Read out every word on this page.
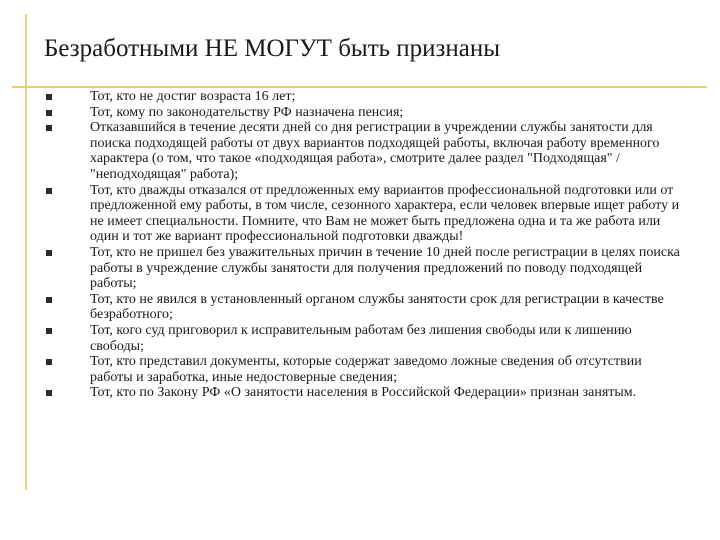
Безработными НЕ МОГУТ быть признаны
Тот, кто не достиг возраста 16 лет;
Тот, кому по законодательству РФ назначена пенсия;
Отказавшийся в течение десяти дней со дня регистрации в учреждении службы занятости для поиска подходящей работы от двух вариантов подходящей работы, включая работу временного характера (о том, что такое «подходящая работа», смотрите далее раздел "Подходящая" / "неподходящая" работа);
Тот, кто дважды отказался от предложенных ему вариантов профессиональной подготовки или от предложенной ему работы, в том числе, сезонного характера, если человек впервые ищет работу и не имеет специальности. Помните, что Вам не может быть предложена одна и та же работа или один и тот же вариант профессиональной подготовки дважды!
Тот, кто не пришел без уважительных причин в течение 10 дней после регистрации в целях поиска работы в учреждение службы занятости для получения предложений по поводу подходящей работы;
Тот, кто не явился в установленный органом службы занятости срок для регистрации в качестве безработного;
Тот, кого суд приговорил к исправительным работам без лишения свободы или к лишению свободы;
Тот, кто представил документы, которые содержат заведомо ложные сведения об отсутствии работы и заработка, иные недостоверные сведения;
Тот, кто по Закону РФ «О занятости населения в Российской Федерации» признан занятым.
